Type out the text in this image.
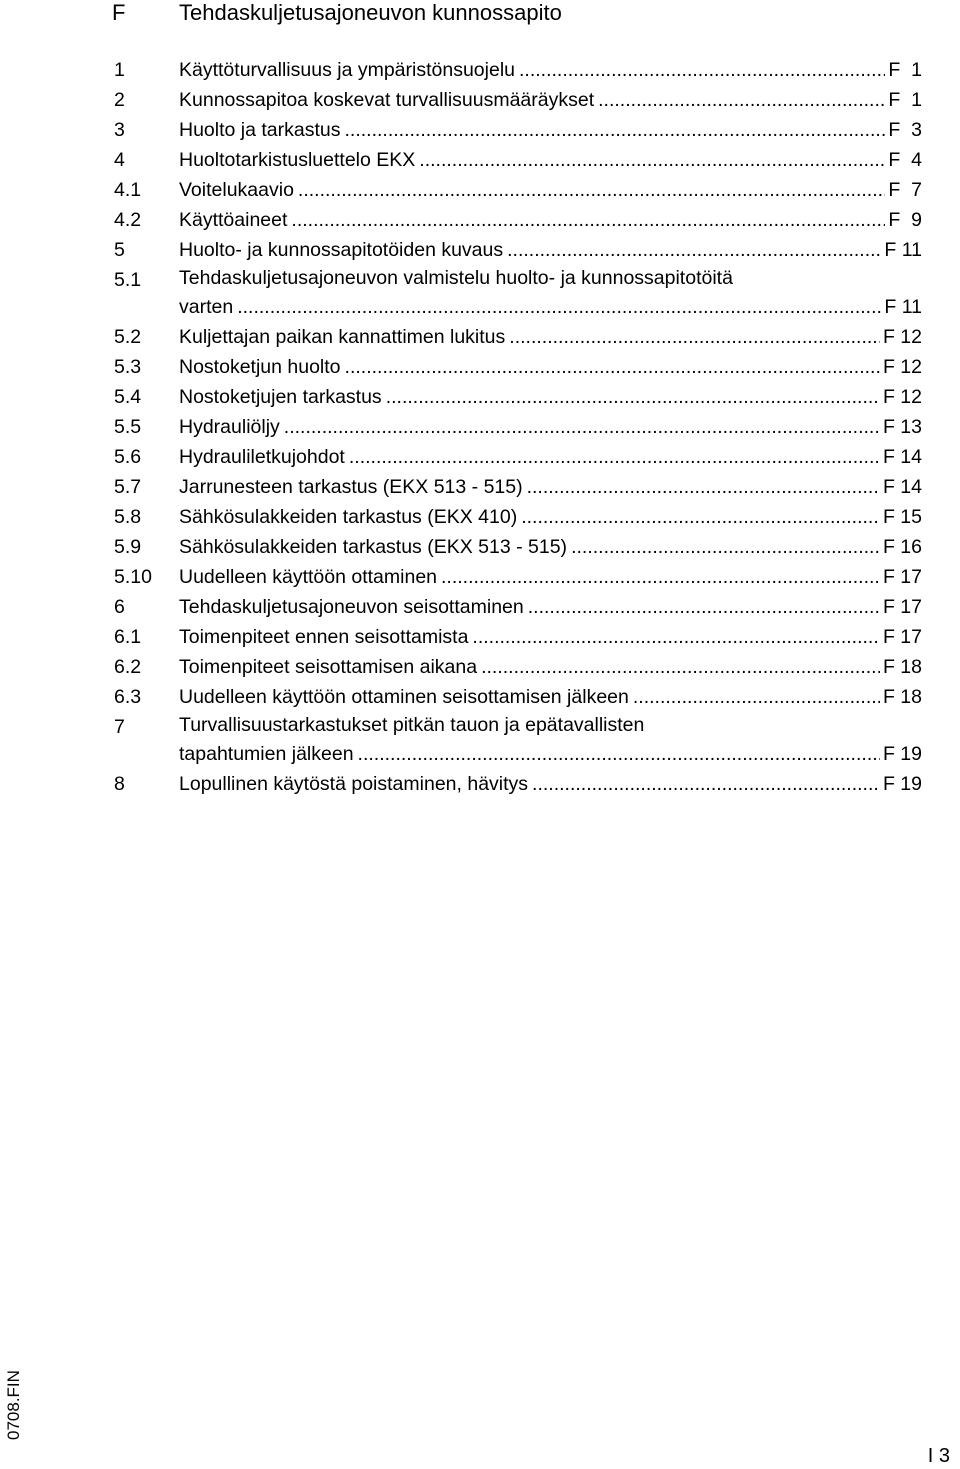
F Tehdaskuljetusajoneuvon kunnossapito
1	Käyttöturvallisuus ja ympäristönsuojelu .....	F  1
2	Kunnossapitoa koskevat turvallisuusmääräykset .....	F  1
3	Huolto ja tarkastus .....	F  3
4	Huoltotarkistusluettelo EKX .....	F  4
4.1	Voitelukaavio .....	F  7
4.2	Käyttöaineet .....	F  9
5	Huolto- ja kunnossapitotöiden kuvaus .....	F 11
5.1	Tehdaskuljetusajoneuvon valmistelu huolto- ja kunnossapitotöitä
varten .....	F 11
5.2	Kuljettajan paikan kannattimen lukitus .....	F 12
5.3	Nostoketjun huolto .....	F 12
5.4	Nostoketjujen tarkastus .....	F 12
5.5	Hydrauliöljy .....	F 13
5.6	Hydrauliletkujohdot .....	F 14
5.7	Jarrunesteen tarkastus (EKX 513 - 515) .....	F 14
5.8	Sähkösulakkeiden tarkastus (EKX 410) .....	F 15
5.9	Sähkösulakkeiden tarkastus (EKX 513 - 515) .....	F 16
5.10	Uudelleen käyttöön ottaminen .....	F 17
6	Tehdaskuljetusajoneuvon seisottaminen .....	F 17
6.1	Toimenpiteet ennen seisottamista .....	F 17
6.2	Toimenpiteet seisottamisen aikana .....	F 18
6.3	Uudelleen käyttöön ottaminen seisottamisen jälkeen .....	F 18
7	Turvallisuustarkastukset pitkän tauon ja epätavallisten
tapahtumien jälkeen .....	F 19
8	Lopullinen käytöstä poistaminen, hävitys .....	F 19
0708.FIN
I 3
